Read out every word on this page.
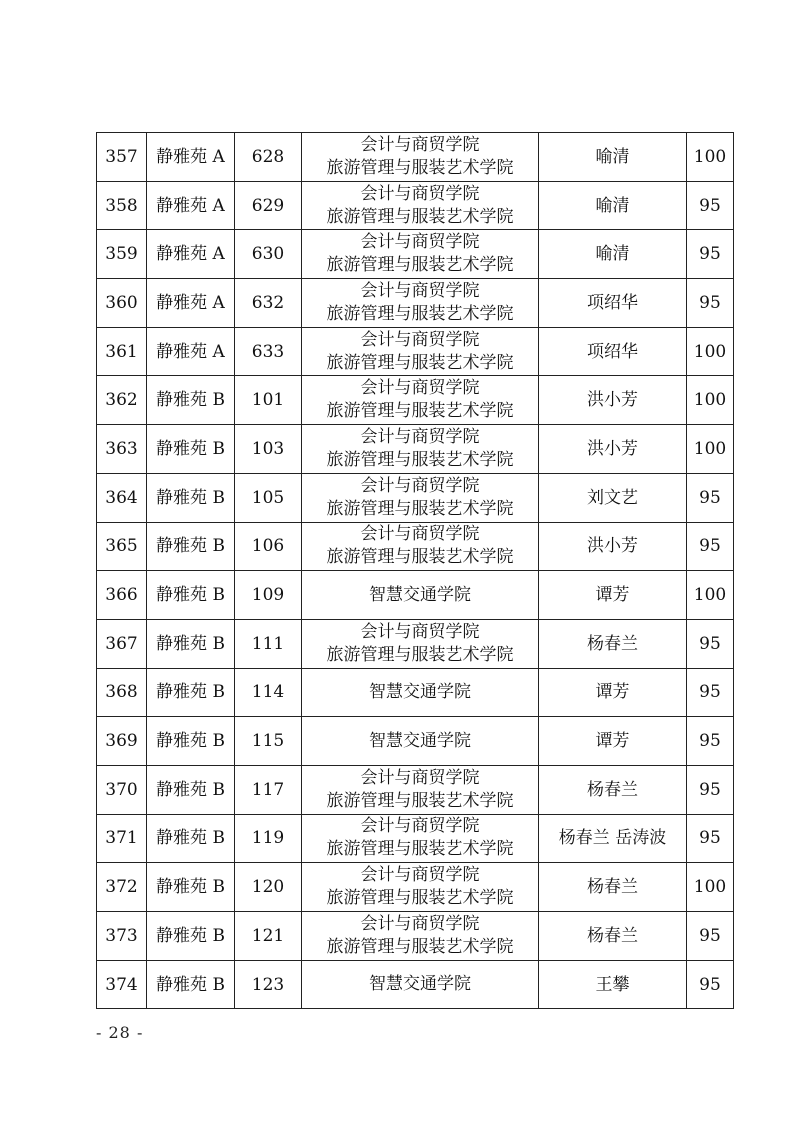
357	静雅苑 A	628	会计与商贸学院
旅游管理与服装艺术学院	喻清	100
358	静雅苑 A	629	会计与商贸学院
旅游管理与服装艺术学院	喻清	95
359	静雅苑 A	630	会计与商贸学院
旅游管理与服装艺术学院	喻清	95
360	静雅苑 A	632	会计与商贸学院
旅游管理与服装艺术学院	项绍华	95
361	静雅苑 A	633	会计与商贸学院
旅游管理与服装艺术学院	项绍华	100
362	静雅苑 B	101	会计与商贸学院
旅游管理与服装艺术学院	洪小芳	100
363	静雅苑 B	103	会计与商贸学院
旅游管理与服装艺术学院	洪小芳	100
364	静雅苑 B	105	会计与商贸学院
旅游管理与服装艺术学院	刘文艺	95
365	静雅苑 B	106	会计与商贸学院
旅游管理与服装艺术学院	洪小芳	95
366	静雅苑 B	109	智慧交通学院	谭芳	100
367	静雅苑 B	111	会计与商贸学院
旅游管理与服装艺术学院	杨春兰	95
368	静雅苑 B	114	智慧交通学院	谭芳	95
369	静雅苑 B	115	智慧交通学院	谭芳	95
370	静雅苑 B	117	会计与商贸学院
旅游管理与服装艺术学院	杨春兰	95
371	静雅苑 B	119	会计与商贸学院
旅游管理与服装艺术学院	杨春兰 岳涛波	95
372	静雅苑 B	120	会计与商贸学院
旅游管理与服装艺术学院	杨春兰	100
373	静雅苑 B	121	会计与商贸学院
旅游管理与服装艺术学院	杨春兰	95
374	静雅苑 B	123	智慧交通学院	王攀	95
- 28 -
